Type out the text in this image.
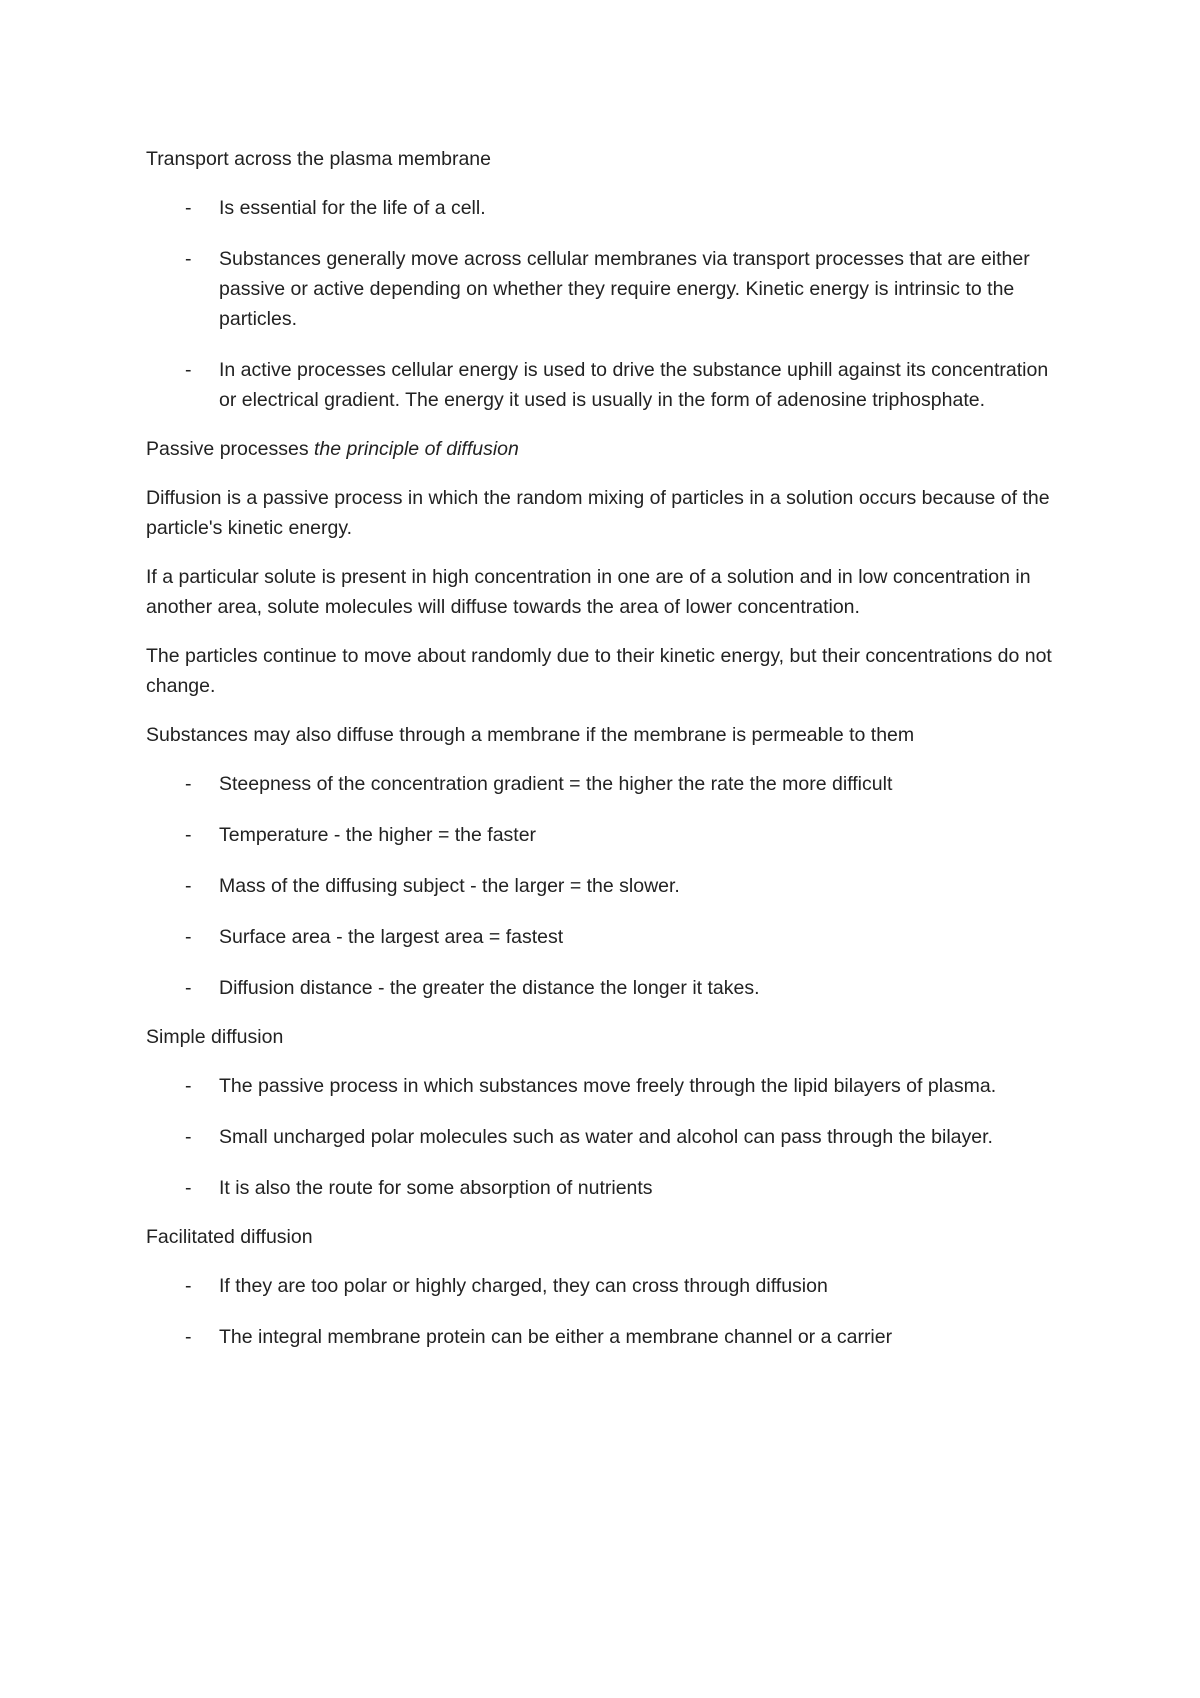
Transport across the plasma membrane

- Is essential for the life of a cell.
- Substances generally move across cellular membranes via transport processes that are either passive or active depending on whether they require energy. Kinetic energy is intrinsic to the particles.
- In active processes cellular energy is used to drive the substance uphill against its concentration or electrical gradient. The energy it used is usually in the form of adenosine triphosphate.

Passive processes the principle of diffusion

Diffusion is a passive process in which the random mixing of particles in a solution occurs because of the particle's kinetic energy.

If a particular solute is present in high concentration in one are of a solution and in low concentration in another area, solute molecules will diffuse towards the area of lower concentration.

The particles continue to move about randomly due to their kinetic energy, but their concentrations do not change.

Substances may also diffuse through a membrane if the membrane is permeable to them

- Steepness of the concentration gradient = the higher the rate the more difficult
- Temperature - the higher = the faster
- Mass of the diffusing subject - the larger = the slower.
- Surface area - the largest area = fastest
- Diffusion distance - the greater the distance the longer it takes.

Simple diffusion

- The passive process in which substances move freely through the lipid bilayers of plasma.
- Small uncharged polar molecules such as water and alcohol can pass through the bilayer.
- It is also the route for some absorption of nutrients

Facilitated diffusion

- If they are too polar or highly charged, they can cross through diffusion
- The integral membrane protein can be either a membrane channel or a carrier
